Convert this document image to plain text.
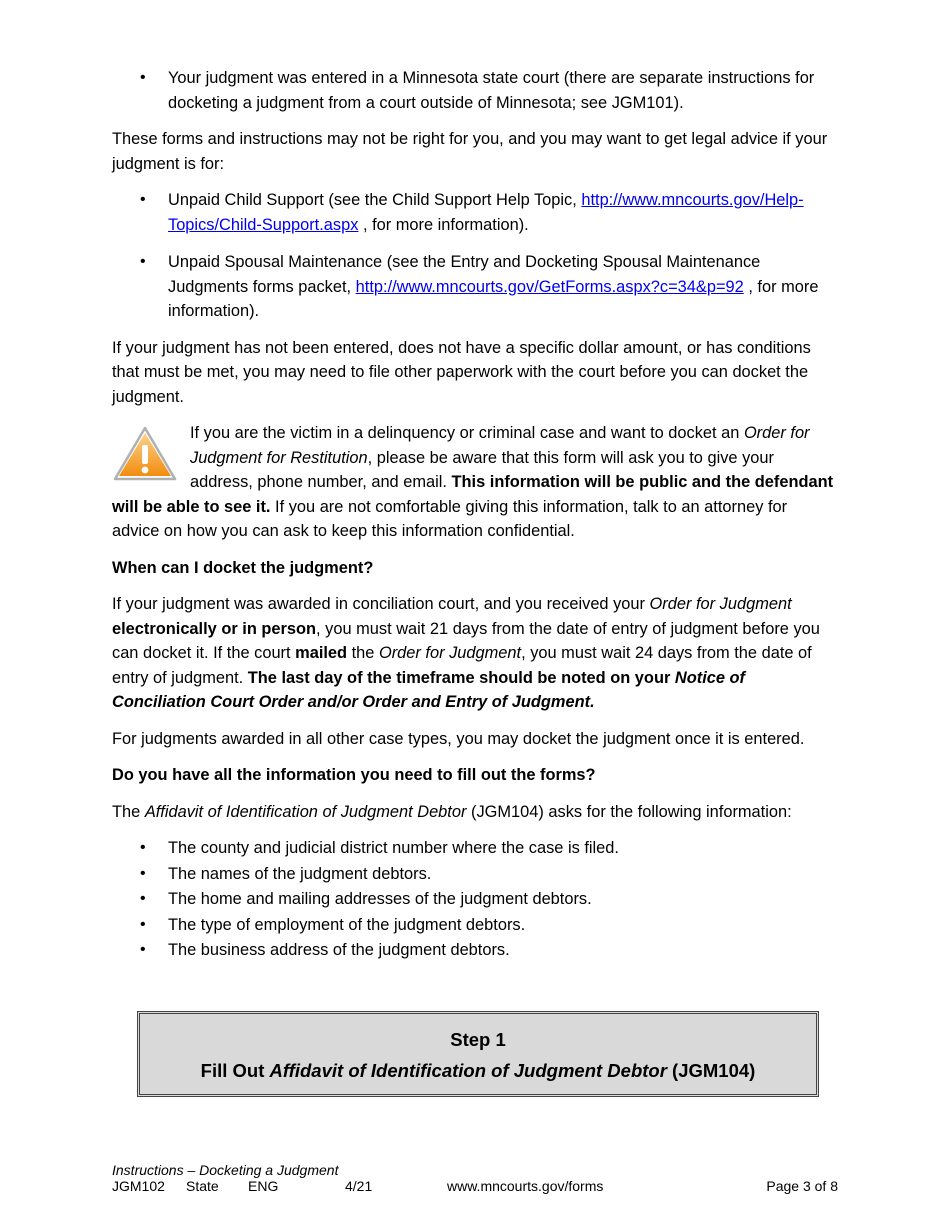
• Your judgment was entered in a Minnesota state court (there are separate instructions for docketing a judgment from a court outside of Minnesota; see JGM101).

These forms and instructions may not be right for you, and you may want to get legal advice if your judgment is for:

• Unpaid Child Support (see the Child Support Help Topic, http://www.mncourts.gov/Help-Topics/Child-Support.aspx , for more information).
• Unpaid Spousal Maintenance (see the Entry and Docketing Spousal Maintenance Judgments forms packet, http://www.mncourts.gov/GetForms.aspx?c=34&p=92 , for more information).

If your judgment has not been entered, does not have a specific dollar amount, or has conditions that must be met, you may need to file other paperwork with the court before you can docket the judgment.

If you are the victim in a delinquency or criminal case and want to docket an Order for Judgment for Restitution, please be aware that this form will ask you to give your address, phone number, and email. This information will be public and the defendant will be able to see it. If you are not comfortable giving this information, talk to an attorney for advice on how you can ask to keep this information confidential.

When can I docket the judgment?

If your judgment was awarded in conciliation court, and you received your Order for Judgment electronically or in person, you must wait 21 days from the date of entry of judgment before you can docket it. If the court mailed the Order for Judgment, you must wait 24 days from the date of entry of judgment. The last day of the timeframe should be noted on your Notice of Conciliation Court Order and/or Order and Entry of Judgment.

For judgments awarded in all other case types, you may docket the judgment once it is entered.

Do you have all the information you need to fill out the forms?

The Affidavit of Identification of Judgment Debtor (JGM104) asks for the following information:

• The county and judicial district number where the case is filed.
• The names of the judgment debtors.
• The home and mailing addresses of the judgment debtors.
• The type of employment of the judgment debtors.
• The business address of the judgment debtors.
Step 1
Fill Out Affidavit of Identification of Judgment Debtor (JGM104)
Instructions – Docketing a Judgment
JGM102 State ENG	4/21	www.mncourts.gov/forms	Page 3 of 8
